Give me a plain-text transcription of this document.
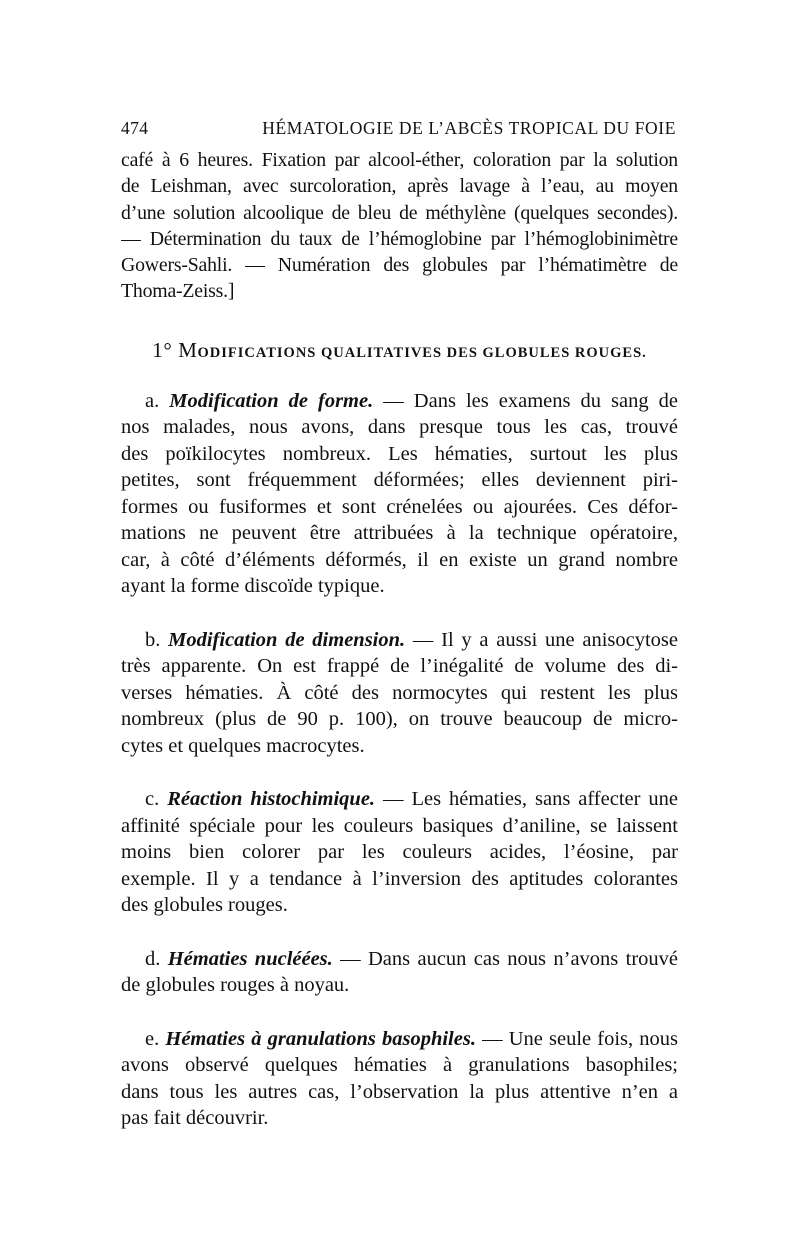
474	HÉMATOLOGIE DE L’ABCÈS TROPICAL DU FOIE
café à 6 heures. Fixation par alcool-éther, coloration par la solution
de Leishman, avec surcoloration, après lavage à l’eau, au moyen
d’une solution alcoolique de bleu de méthylène (quelques secondes).
— Détermination du taux de l’hémoglobine par l’hémoglobinimètre
Gowers-Sahli. — Numération des globules par l’hématimètre de
Thoma-Zeiss.]
1° MODIFICATIONS QUALITATIVES DES GLOBULES ROUGES.
a. Modification de forme. — Dans les examens du sang de
nos malades, nous avons, dans presque tous les cas, trouvé
des poïkilocytes nombreux. Les hématies, surtout les plus
petites, sont fréquemment déformées; elles deviennent piri-
formes ou fusiformes et sont crénelées ou ajourées. Ces défor-
mations ne peuvent être attribuées à la technique opératoire,
car, à côté d’éléments déformés, il en existe un grand nombre
ayant la forme discoïde typique.
b. Modification de dimension. — Il y a aussi une anisocytose
très apparente. On est frappé de l’inégalité de volume des di-
verses hématies. À côté des normocytes qui restent les plus
nombreux (plus de 90 p. 100), on trouve beaucoup de micro-
cytes et quelques macrocytes.
c. Réaction histochimique. — Les hématies, sans affecter une
affinité spéciale pour les couleurs basiques d’aniline, se laissent
moins bien colorer par les couleurs acides, l’éosine, par
exemple. Il y a tendance à l’inversion des aptitudes colorantes
des globules rouges.
d. Hématies nucléées. — Dans aucun cas nous n’avons trouvé
de globules rouges à noyau.
e. Hématies à granulations basophiles. — Une seule fois, nous
avons observé quelques hématies à granulations basophiles;
dans tous les autres cas, l’observation la plus attentive n’en a
pas fait découvrir.
